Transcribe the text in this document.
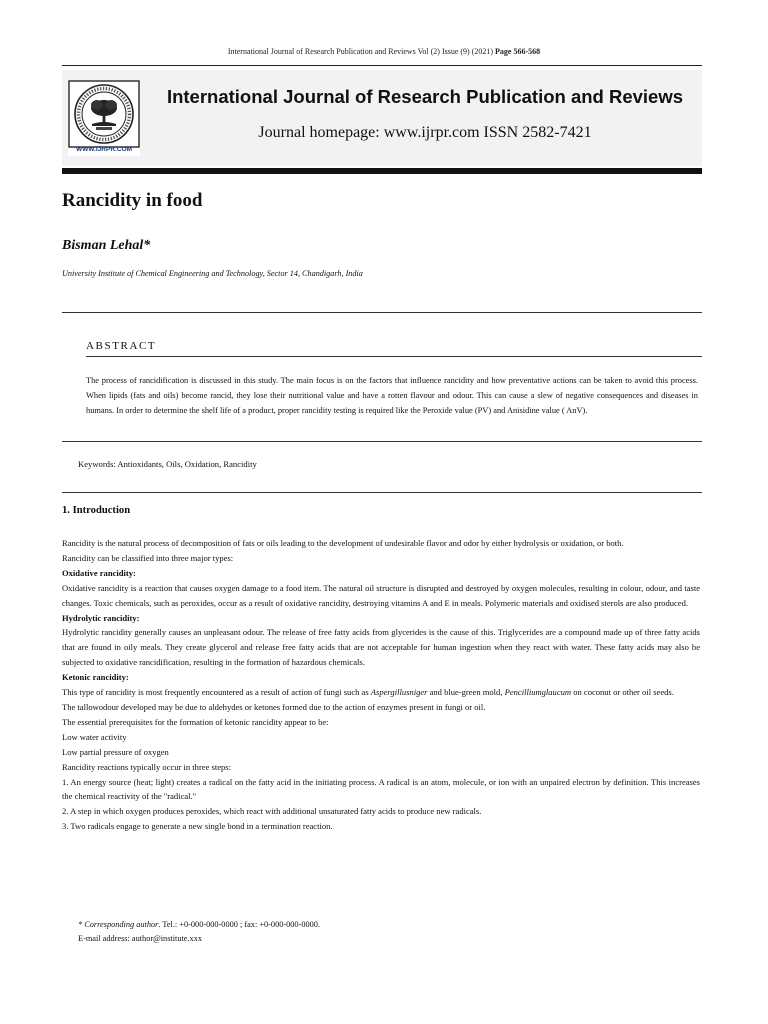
International Journal of Research Publication and Reviews Vol (2) Issue (9) (2021) Page 566-568
WWW.IJRPR.COM
International Journal of Research Publication and Reviews
Journal homepage: www.ijrpr.com ISSN 2582-7421
Rancidity in food
Bisman Lehal*
University Institute of Chemical Engineering and Technology, Sector 14, Chandigarh, India
ABSTRACT

The process of rancidification is discussed in this study. The main focus is on the factors that influence rancidity and how preventative actions can be taken to avoid this process. When lipids (fats and oils) become rancid, they lose their nutritional value and have a rotten flavour and odour. This can cause a slew of negative consequences and diseases in humans. In order to determine the shelf life of a product, proper rancidity testing is required like the Peroxide value (PV) and Anisidine value ( AnV).

Keywords: Antioxidants, Oils, Oxidation, Rancidity
1. Introduction

Rancidity is the natural process of decomposition of fats or oils leading to the development of undesirable flavor and odor by either hydrolysis or oxidation, or both.

Rancidity can be classified into three major types:

Oxidative rancidity:

Oxidative rancidity is a reaction that causes oxygen damage to a food item. The natural oil structure is disrupted and destroyed by oxygen molecules, resulting in colour, odour, and taste changes. Toxic chemicals, such as peroxides, occur as a result of oxidative rancidity, destroying vitamins A and E in meals. Polymeric materials and oxidised sterols are also produced.

Hydrolytic rancidity:

Hydrolytic rancidity generally causes an unpleasant odour. The release of free fatty acids from glycerides is the cause of this. Triglycerides are a compound made up of three fatty acids that are found in oily meals. They create glycerol and release free fatty acids that are not acceptable for human ingestion when they react with water. These fatty acids may also be subjected to oxidative rancidification, resulting in the formation of hazardous chemicals.

Ketonic rancidity:

This type of rancidity is most frequently encountered as a result of action of fungi such as Aspergillusniger and blue-green mold, Pencilliumglaucum on coconut or other oil seeds.

The tallowodour developed may be due to aldehydes or ketones formed due to the action of enzymes present in fungi or oil.

The essential prerequisites for the formation of ketonic rancidity appear to be:

Low water activity

Low partial pressure of oxygen

Rancidity reactions typically occur in three steps:

1. An energy source (heat; light) creates a radical on the fatty acid in the initiating process. A radical is an atom, molecule, or ion with an unpaired electron by definition. This increases the chemical reactivity of the "radical."

2. A step in which oxygen produces peroxides, which react with additional unsaturated fatty acids to produce new radicals.

3. Two radicals engage to generate a new single bond in a termination reaction.

* Corresponding author. Tel.: +0-000-000-0000 ; fax: +0-000-000-0000.
E-mail address: author@institute.xxx
